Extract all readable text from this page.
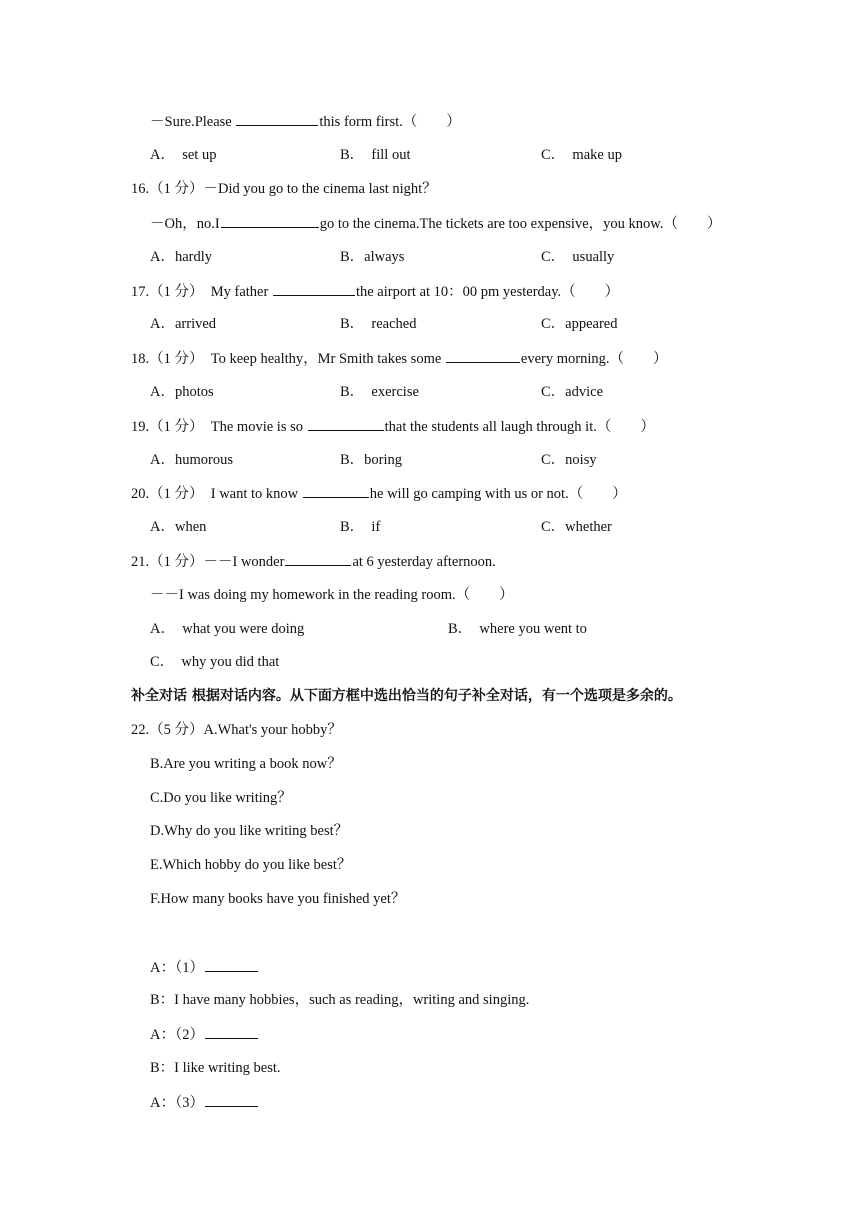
－Sure.Please	this form first.（　　）
A．　set up	B．　fill out	C．　make up
16.（1 分）－Did you go to the cinema last night？
－Oh，no.I	go to the cinema.The tickets are too expensive，you know.（　　）
A．hardly	B．always	C．　usually
17.（1 分）　My father	the airport at 10：00 pm yesterday.（　　）
A．arrived	B．　reached	C．appeared
18.（1 分）　To keep healthy，Mr Smith takes some	every morning.（　　）
A．photos	B．　exercise	C．advice
19.（1 分）　The movie is so	that the students all laugh through it.（　　）
A．humorous	B．boring	C．noisy
20.（1 分）　I want to know	he will go camping with us or not.（　　）
A．when	B．　if	C．whether
21.（1 分）－－I wonder	at 6 yesterday afternoon.
－－I was doing my homework in the reading room.（　　）
A．　what you were doing	B．　where you went to
C．　why you did that
补全对话 根据对话内容。从下面方框中选出恰当的句子补全对话，有一个选项是多余的。
22.（5 分）A.What's your hobby？
B.Are you writing a book now？
C.Do you like writing？
D.Why do you like writing best？
E.Which hobby do you like best？
F.How many books have you finished yet？
A：（1）
B：I have many hobbies，such as reading，writing and singing.
A：（2）
B：I like writing best.
A：（3）
